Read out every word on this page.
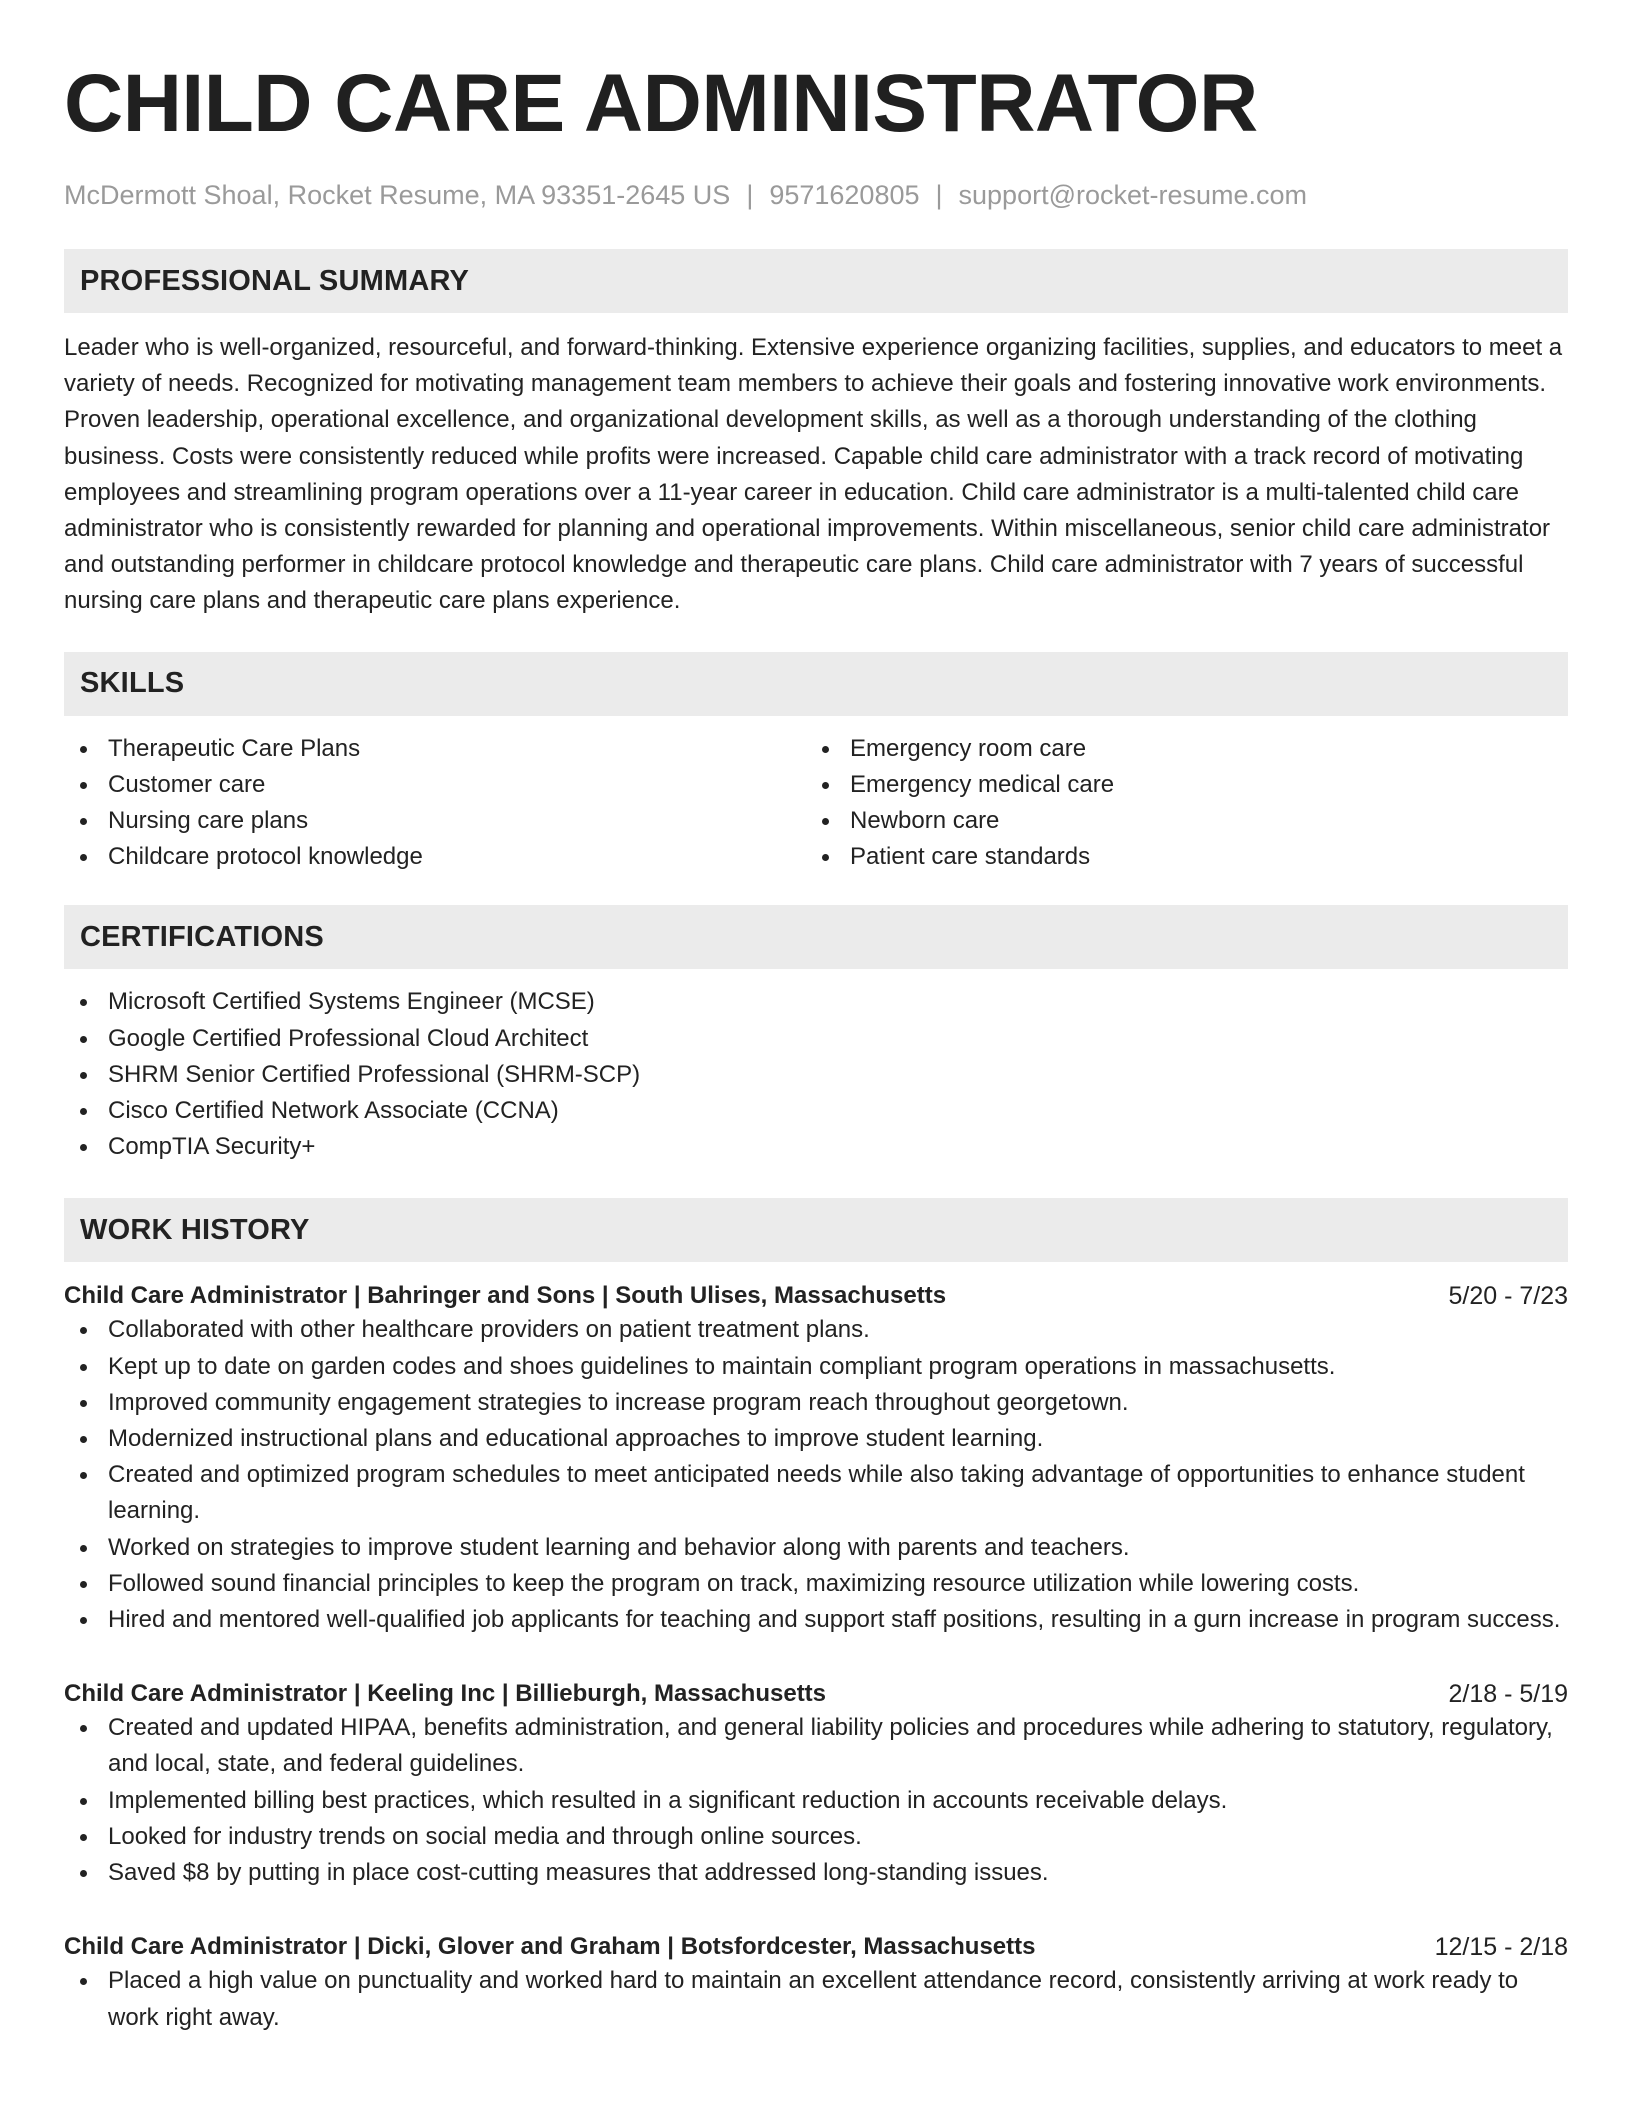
CHILD CARE ADMINISTRATOR
McDermott Shoal, Rocket Resume, MA 93351-2645 US | 9571620805 | support@rocket-resume.com
PROFESSIONAL SUMMARY
Leader who is well-organized, resourceful, and forward-thinking. Extensive experience organizing facilities, supplies, and educators to meet a variety of needs. Recognized for motivating management team members to achieve their goals and fostering innovative work environments. Proven leadership, operational excellence, and organizational development skills, as well as a thorough understanding of the clothing business. Costs were consistently reduced while profits were increased. Capable child care administrator with a track record of motivating employees and streamlining program operations over a 11-year career in education. Child care administrator is a multi-talented child care administrator who is consistently rewarded for planning and operational improvements. Within miscellaneous, senior child care administrator and outstanding performer in childcare protocol knowledge and therapeutic care plans. Child care administrator with 7 years of successful nursing care plans and therapeutic care plans experience.
SKILLS
Therapeutic Care Plans
Customer care
Nursing care plans
Childcare protocol knowledge
Emergency room care
Emergency medical care
Newborn care
Patient care standards
CERTIFICATIONS
Microsoft Certified Systems Engineer (MCSE)
Google Certified Professional Cloud Architect
SHRM Senior Certified Professional (SHRM-SCP)
Cisco Certified Network Associate (CCNA)
CompTIA Security+
WORK HISTORY
Child Care Administrator | Bahringer and Sons | South Ulises, Massachusetts	5/20 - 7/23
Collaborated with other healthcare providers on patient treatment plans.
Kept up to date on garden codes and shoes guidelines to maintain compliant program operations in massachusetts.
Improved community engagement strategies to increase program reach throughout georgetown.
Modernized instructional plans and educational approaches to improve student learning.
Created and optimized program schedules to meet anticipated needs while also taking advantage of opportunities to enhance student learning.
Worked on strategies to improve student learning and behavior along with parents and teachers.
Followed sound financial principles to keep the program on track, maximizing resource utilization while lowering costs.
Hired and mentored well-qualified job applicants for teaching and support staff positions, resulting in a gurn increase in program success.
Child Care Administrator | Keeling Inc | Billieburgh, Massachusetts	2/18 - 5/19
Created and updated HIPAA, benefits administration, and general liability policies and procedures while adhering to statutory, regulatory, and local, state, and federal guidelines.
Implemented billing best practices, which resulted in a significant reduction in accounts receivable delays.
Looked for industry trends on social media and through online sources.
Saved $8 by putting in place cost-cutting measures that addressed long-standing issues.
Child Care Administrator | Dicki, Glover and Graham | Botsfordcester, Massachusetts	12/15 - 2/18
Placed a high value on punctuality and worked hard to maintain an excellent attendance record, consistently arriving at work ready to work right away.
